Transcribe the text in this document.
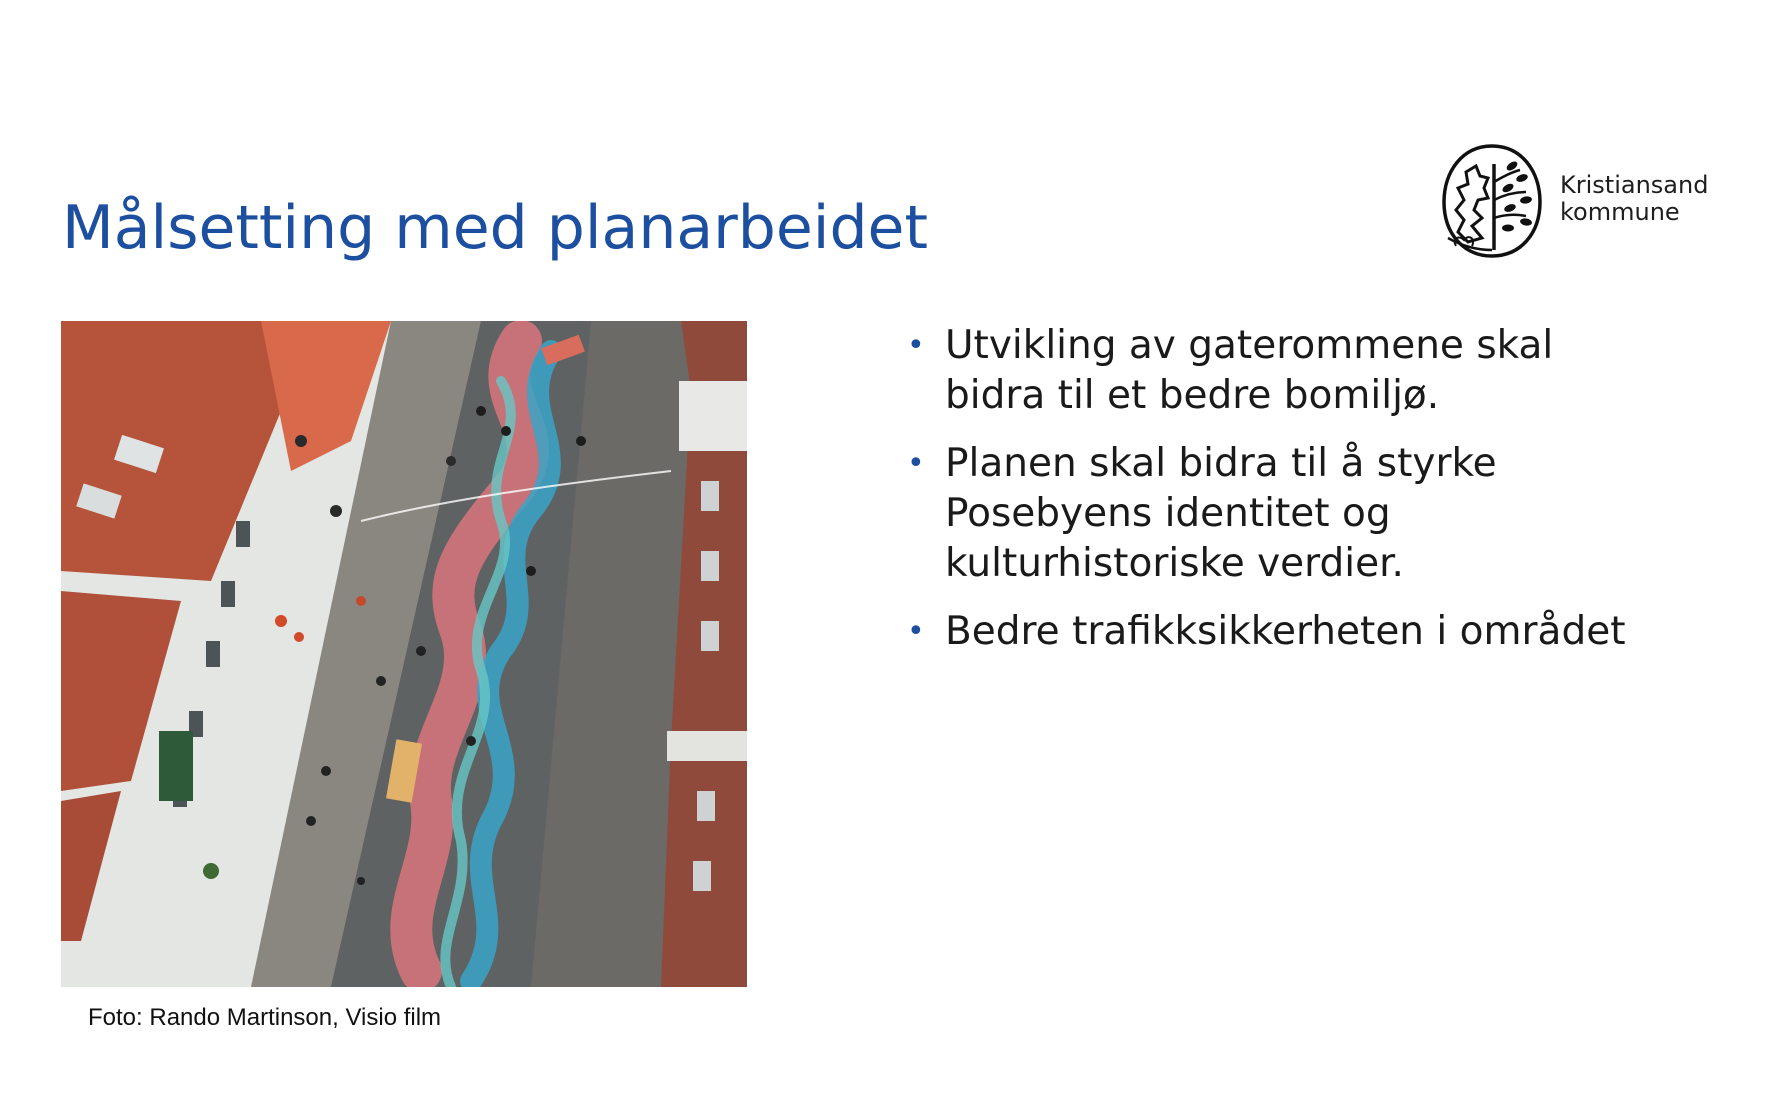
Målsetting med planarbeidet
Kristiansand
kommune
Foto: Rando Martinson, Visio film
• Utvikling av gaterommene skal
bidra til et bedre bomiljø.
• Planen skal bidra til å styrke
Posebyens identitet og
kulturhistoriske verdier.
• Bedre trafikksikkerheten i området
